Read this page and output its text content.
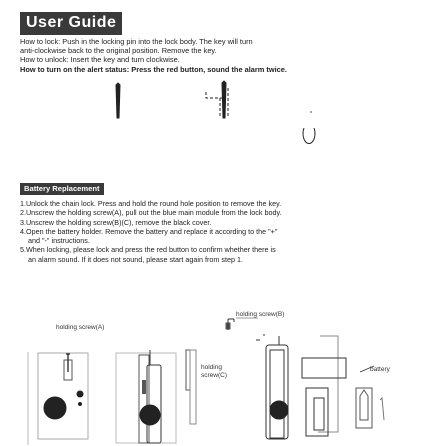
User Guide
How to lock: Push in the locking pin into the lock body. The key will turn
anti-clockwise back to the original position. Remove the key.
How to unlock: Insert the key and turn clockwise.
How to turn on the alert status: Press the red button, sound the alarm twice.
Battery Replacement
1.Unlock the chain lock. Press and hold the round hole position to remove the key.
2.Unscrew the holding screw(A), pull out the blue main module from the lock body.
3.Unscrew the holding screw(B)(C), remove the black cover.
4.Open the battery holder. Remove the battery and replace it according to the "+"
and "-" instructions.
5.When locking, please lock and press the red button to confirm whether there is
an alarm sound. If it does not sound, please start again from step 1.
holding screw(A)
holding screw(B)
holding
screw(C)
battery
